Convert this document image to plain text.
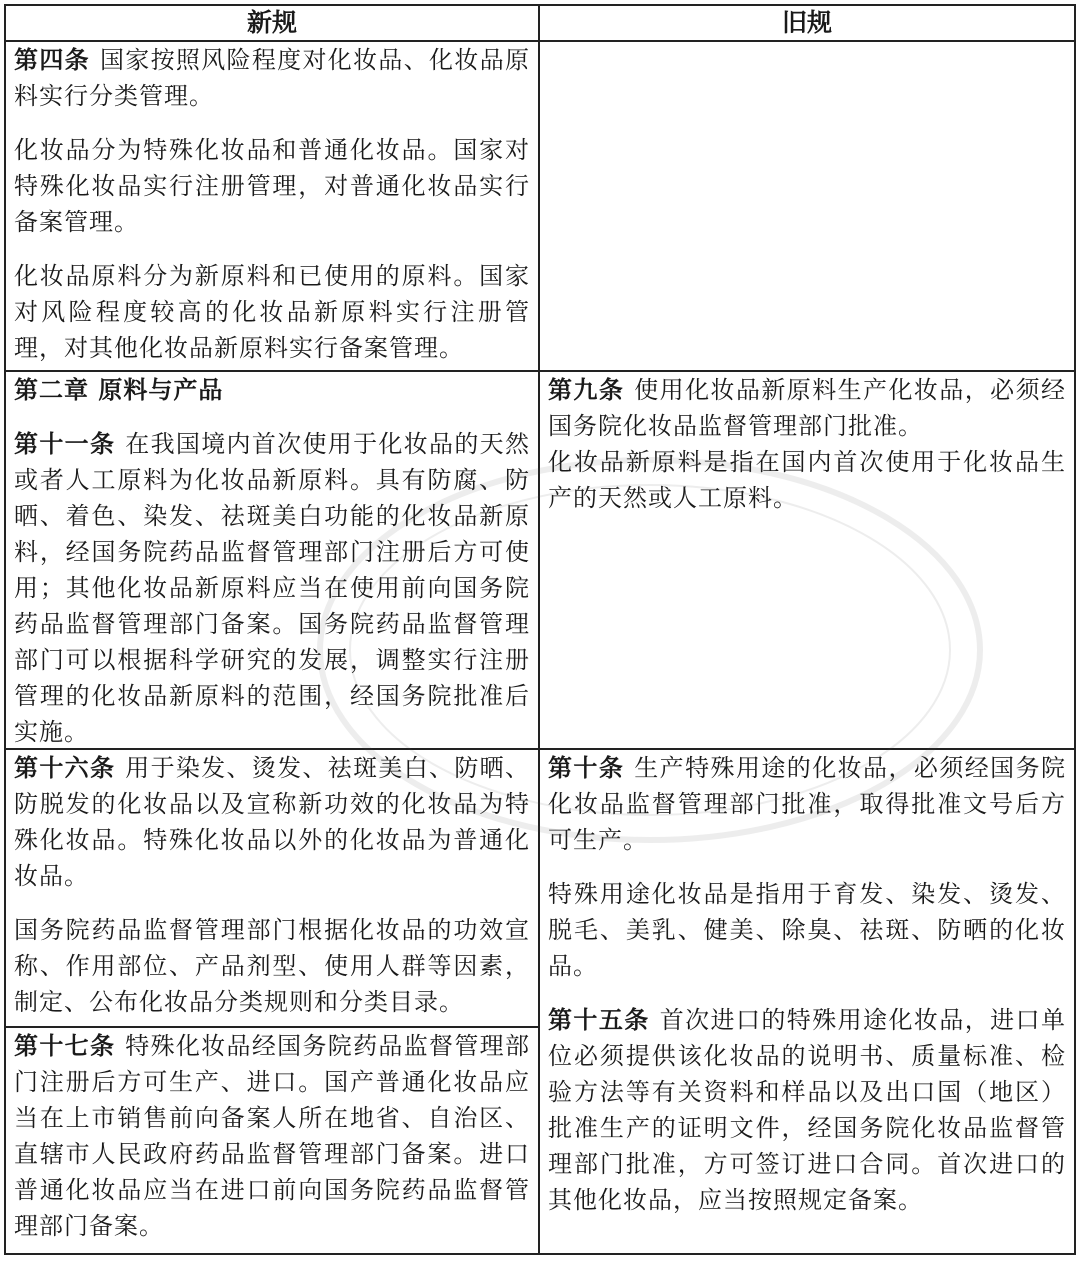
新规	旧规

第四条 国家按照风险程度对化妆品、化妆品原料实行分类管理。

化妆品分为特殊化妆品和普通化妆品。国家对特殊化妆品实行注册管理，对普通化妆品实行备案管理。

化妆品原料分为新原料和已使用的原料。国家对风险程度较高的化妆品新原料实行注册管理，对其他化妆品新原料实行备案管理。

第二章 原料与产品

第十一条 在我国境内首次使用于化妆品的天然或者人工原料为化妆品新原料。具有防腐、防晒、着色、染发、祛斑美白功能的化妆品新原料，经国务院药品监督管理部门注册后方可使用；其他化妆品新原料应当在使用前向国务院药品监督管理部门备案。国务院药品监督管理部门可以根据科学研究的发展，调整实行注册管理的化妆品新原料的范围，经国务院批准后实施。

第九条 使用化妆品新原料生产化妆品，必须经国务院化妆品监督管理部门批准。

化妆品新原料是指在国内首次使用于化妆品生产的天然或人工原料。

第十六条 用于染发、烫发、祛斑美白、防晒、防脱发的化妆品以及宣称新功效的化妆品为特殊化妆品。特殊化妆品以外的化妆品为普通化妆品。

国务院药品监督管理部门根据化妆品的功效宣称、作用部位、产品剂型、使用人群等因素，制定、公布化妆品分类规则和分类目录。

第十七条 特殊化妆品经国务院药品监督管理部门注册后方可生产、进口。国产普通化妆品应当在上市销售前向备案人所在地省、自治区、直辖市人民政府药品监督管理部门备案。进口普通化妆品应当在进口前向国务院药品监督管理部门备案。

第十条 生产特殊用途的化妆品，必须经国务院化妆品监督管理部门批准，取得批准文号后方可生产。

特殊用途化妆品是指用于育发、染发、烫发、脱毛、美乳、健美、除臭、祛斑、防晒的化妆品。

第十五条 首次进口的特殊用途化妆品，进口单位必须提供该化妆品的说明书、质量标准、检验方法等有关资料和样品以及出口国（地区）批准生产的证明文件，经国务院化妆品监督管理部门批准，方可签订进口合同。首次进口的其他化妆品，应当按照规定备案。
